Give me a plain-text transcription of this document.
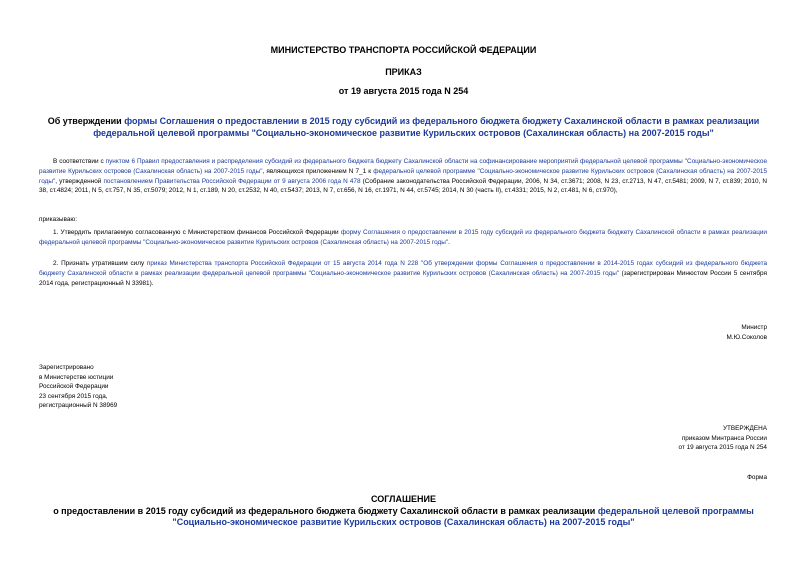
МИНИСТЕРСТВО ТРАНСПОРТА РОССИЙСКОЙ ФЕДЕРАЦИИ
ПРИКАЗ
от 19 августа 2015 года N 254
Об утверждении формы Соглашения о предоставлении в 2015 году субсидий из федерального бюджета бюджету Сахалинской области в рамках реализации
федеральной целевой программы "Социально-экономическое развитие Курильских островов (Сахалинская область) на 2007-2015 годы"
В соответствии с пунктом 6 Правил предоставления и распределения субсидий из федерального бюджета бюджету Сахалинской области на софинансирование мероприятий федеральной целевой программы "Социально-экономическое развитие Курильских островов (Сахалинская область) на 2007-2015 годы", являющихся приложением N 7_1 к федеральной целевой программе "Социально-экономическое развитие Курильских островов (Сахалинская область) на 2007-2015 годы", утвержденной постановлением Правительства Российской Федерации от 9 августа 2006 года N 478 (Собрание законодательства Российской Федерации, 2006, N 34, ст.3671; 2008, N 23, ст.2713, N 47, ст.5481; 2009, N 7, ст.839; 2010, N 38, ст.4824; 2011, N 5, ст.757, N 35, ст.5079; 2012, N 1, ст.189, N 20, ст.2532, N 40, ст.5437; 2013, N 7, ст.656, N 16, ст.1971, N 44, ст.5745; 2014, N 30 (часть II), ст.4331; 2015, N 2, ст.481, N 6, ст.970),
приказываю:
1. Утвердить прилагаемую согласованную с Министерством финансов Российской Федерации форму Соглашения о предоставлении в 2015 году субсидий из федерального бюджета бюджету Сахалинской области в рамках реализации федеральной целевой программы "Социально-экономическое развитие Курильских островов (Сахалинская область) на 2007-2015 годы".
2. Признать утратившим силу приказ Министерства транспорта Российской Федерации от 15 августа 2014 года N 228 "Об утверждении формы Соглашения о предоставлении в 2014-2015 годах субсидий из федерального бюджета бюджету Сахалинской области в рамках реализации федеральной целевой программы "Социально-экономическое развитие Курильских островов (Сахалинская область) на 2007-2015 годы" (зарегистрирован Минюстом России 5 сентября 2014 года, регистрационный N 33981).
Министр
М.Ю.Соколов
Зарегистрировано
в Министерстве юстиции
Российской Федерации
23 сентября 2015 года,
регистрационный N 38969
УТВЕРЖДЕНА
приказом Минтранса России
от 19 августа 2015 года N 254
Форма
СОГЛАШЕНИЕ
о предоставлении в 2015 году субсидий из федерального бюджета бюджету Сахалинской области в рамках реализации федеральной целевой программы
"Социально-экономическое развитие Курильских островов (Сахалинская область) на 2007-2015 годы"
